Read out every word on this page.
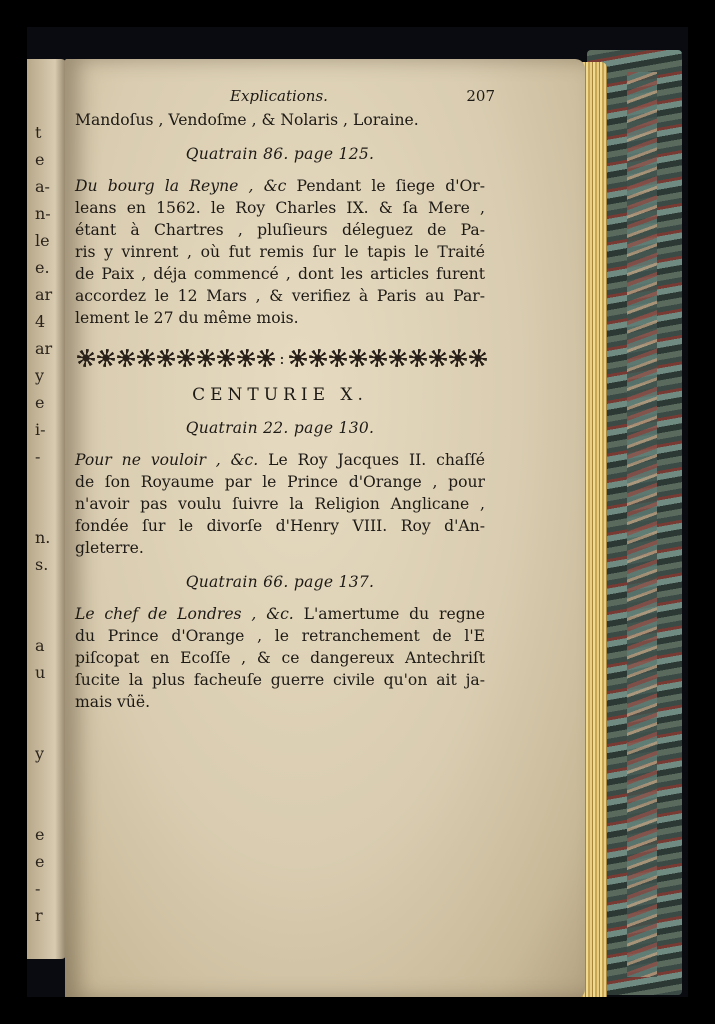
t
e
a-
n-
le
e.
ar
4
ar
y
e
i-
-

n.
s.

a
u

y

e
e
-
r
Explications.	207
Mandoſus , Vendoſme , & Nolaris , Loraine.
Quatrain 86. page 125.
Du bourg la Reyne , &c Pendant le ſiege d'Or-
leans en 1562. le Roy Charles IX. & ſa Mere ,
étant à Chartres , pluſieurs déleguez de Pa-
ris y vinrent , où fut remis ſur le tapis le Traité
de Paix , déja commencé , dont les articles furent
accordez le 12 Mars , & verifiez à Paris au Par-
lement le 27 du même mois.
:
CENTURIE X.
Quatrain 22. page 130.
Pour ne vouloir , &c. Le Roy Jacques II. chaſſé
de ſon Royaume par le Prince d'Orange , pour
n'avoir pas voulu ſuivre la Religion Anglicane ,
fondée ſur le divorſe d'Henry VIII. Roy d'An-
gleterre.
Quatrain 66. page 137.
Le chef de Londres , &c. L'amertume du regne
du Prince d'Orange , le retranchement de l'E
piſcopat en Ecoſſe , & ce dangereux Antechriſt
ſucite la plus facheuſe guerre civile qu'on ait ja-
mais vûë.
